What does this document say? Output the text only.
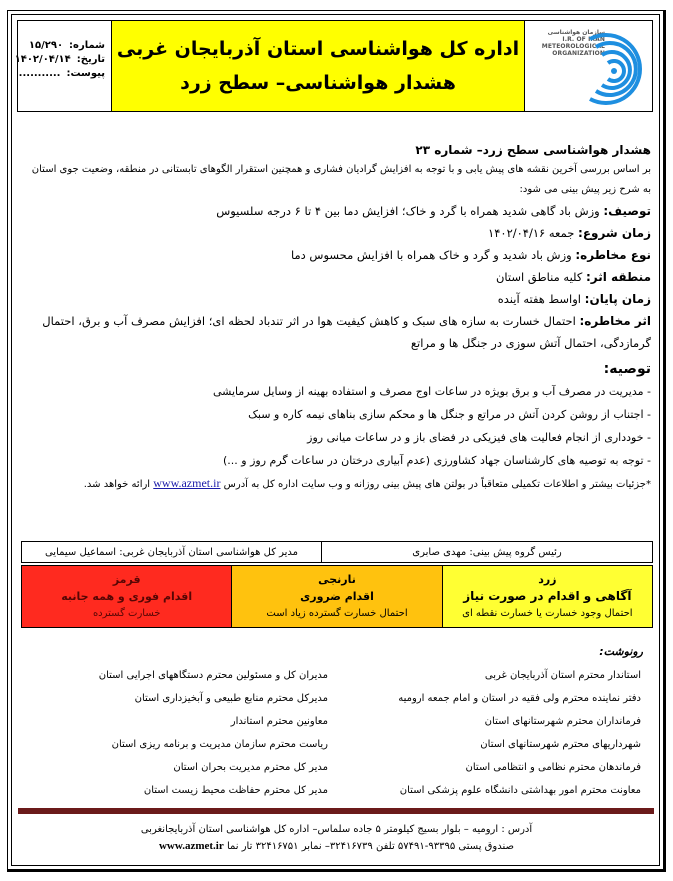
شماره:
۱۵/۲۹۰
تاریخ:
۱۴۰۲/۰۴/۱۴
پیوست:
...........
اداره کل هواشناسی استان آذربایجان غربی
هشدار هواشناسی– سطح زرد
سازمان هواشناسی
I.R. OF IRAN
METEOROLOGICAL
ORGANIZATION

هشدار هواشناسی سطح زرد– شماره ۲۳

بر اساس بررسی آخرین نقشه های پیش یابی و با توجه به افزایش گرادیان فشاری و همچنین استقرار الگوهای تابستانی در منطقه، وضعیت جوی استان به شرح زیر پیش بینی می شود:

توصیف: وزش باد گاهی شدید همراه با گرد و خاک؛ افزایش دما بین ۴ تا ۶ درجه سلسیوس

زمان شروع: جمعه ۱۴۰۲/۰۴/۱۶

نوع مخاطره: وزش باد شدید و گرد و خاک همراه با افزایش محسوس دما

منطقه اثر: کلیه مناطق استان

زمان پایان: اواسط هفته آینده

اثر مخاطره: احتمال خسارت به سازه های سبک و کاهش کیفیت هوا در اثر تندباد لحظه ای؛ افزایش مصرف آب و برق، احتمال گرمازدگی، احتمال آتش سوزی در جنگل ها و مراتع

توصیه:

- مدیریت در مصرف آب و برق بویژه در ساعات اوج مصرف و استفاده بهینه از وسایل سرمایشی

- اجتناب از روشن کردن آتش در مراتع و جنگل ها و محکم سازی بناهای نیمه کاره و سبک

- خودداری از انجام فعالیت های فیزیکی در فضای باز و در ساعات میانی روز

- توجه به توصیه های کارشناسان جهاد کشاورزی (عدم آبیاری درختان در ساعات گرم روز و ...)

*جزئیات بیشتر و اطلاعات تکمیلی متعاقباً در بولتن های پیش بینی روزانه و وب سایت اداره کل به آدرس www.azmet.ir ارائه خواهد شد.

رئیس گروه پیش بینی: مهدی صابری
مدیر کل هواشناسی استان آذربایجان غربی: اسماعیل سیمایی
زرد
آگاهی و اقدام در صورت نیاز
احتمال وجود خسارت یا خسارت نقطه ای
نارنجی
اقدام ضروری
احتمال خسارت گسترده زیاد است
قرمز
اقدام فوری و همه جانبه
خسارت گسترده
رونوشت:
استاندار محترم استان آذربایجان غربی
دفتر نماینده محترم ولی فقیه در استان و امام جمعه ارومیه
فرمانداران محترم شهرستانهای استان
شهرداریهای محترم شهرستانهای استان
فرماندهان محترم نظامی و انتظامی استان
معاونت محترم امور بهداشتی دانشگاه علوم پزشکی استان
مدیران کل و مسئولین محترم دستگاههای اجرایی استان
مدیرکل محترم منابع طبیعی و آبخیزداری استان
معاونین محترم استاندار
ریاست محترم سازمان مدیریت و برنامه ریزی استان
مدیر کل محترم مدیریت بحران استان
مدیر کل محترم حفاظت محیط زیست استان
آدرس : ارومیه – بلوار بسیج کیلومتر ۵ جاده سلماس– اداره کل هواشناسی استان آذربایجانغربی
صندوق پستی ۹۳۳۹۵-۵۷۴۹۱ تلفن ۳۲۴۱۶۷۳۹– نمابر ۳۲۴۱۶۷۵۱ تار نما www.azmet.ir
